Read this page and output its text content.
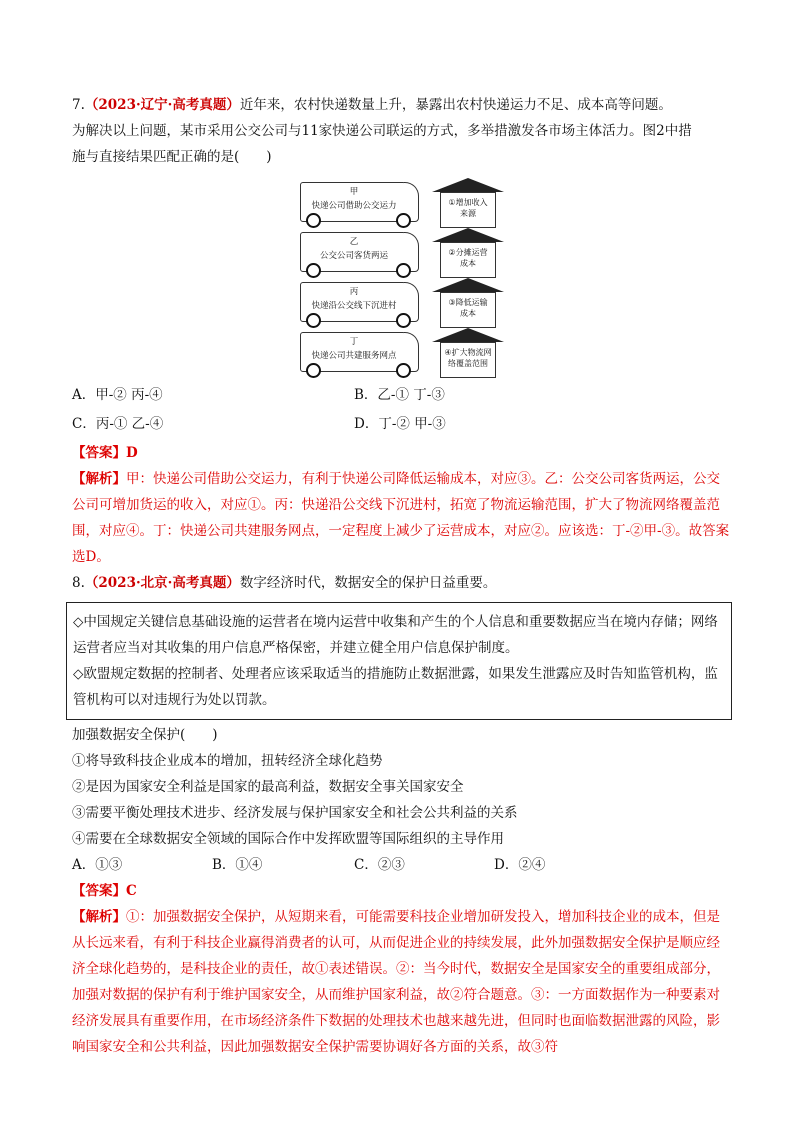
7.（2023·辽宁·高考真题）近年来，农村快递数量上升，暴露出农村快递运力不足、成本高等问题。

为解决以上问题，某市采用公交公司与11家快递公司联运的方式，多举措激发各市场主体活力。图2中措

施与直接结果匹配正确的是(　　)

甲
快递公司借助公交运力	①增加收入
来源
乙
公交公司客货两运	②分摊运营
成本
丙
快递沿公交线下沉进村	③降低运输
成本
丁
快递公司共建服务网点	④扩大物流网
络覆盖范围
A．甲-② 丙-④	B．乙-① 丁-③
C．丙-① 乙-④	D．丁-② 甲-③

【答案】D

【解析】甲：快递公司借助公交运力，有利于快递公司降低运输成本，对应③。乙：公交公司客货两运，公交公司可增加货运的收入，对应①。丙：快递沿公交线下沉进村，拓宽了物流运输范围，扩大了物流网络覆盖范围，对应④。丁：快递公司共建服务网点，一定程度上减少了运营成本，对应②。应该选：丁-②甲-③。故答案选D。

8.（2023·北京·高考真题）数字经济时代，数据安全的保护日益重要。

◇中国规定关键信息基础设施的运营者在境内运营中收集和产生的个人信息和重要数据应当在境内存储；网络运营者应当对其收集的用户信息严格保密，并建立健全用户信息保护制度。

◇欧盟规定数据的控制者、处理者应该采取适当的措施防止数据泄露，如果发生泄露应及时告知监管机构，监管机构可以对违规行为处以罚款。

加强数据安全保护(　　)

①将导致科技企业成本的增加，扭转经济全球化趋势

②是因为国家安全利益是国家的最高利益，数据安全事关国家安全

③需要平衡处理技术进步、经济发展与保护国家安全和社会公共利益的关系

④需要在全球数据安全领域的国际合作中发挥欧盟等国际组织的主导作用

A．①③	B．①④	C．②③	D．②④

【答案】C

【解析】①：加强数据安全保护，从短期来看，可能需要科技企业增加研发投入，增加科技企业的成本，但是从长远来看，有利于科技企业赢得消费者的认可，从而促进企业的持续发展，此外加强数据安全保护是顺应经济全球化趋势的，是科技企业的责任，故①表述错误。②：当今时代，数据安全是国家安全的重要组成部分，加强对数据的保护有利于维护国家安全，从而维护国家利益，故②符合题意。③：一方面数据作为一种要素对经济发展具有重要作用，在市场经济条件下数据的处理技术也越来越先进，但同时也面临数据泄露的风险，影响国家安全和公共利益，因此加强数据安全保护需要协调好各方面的关系，故③符
